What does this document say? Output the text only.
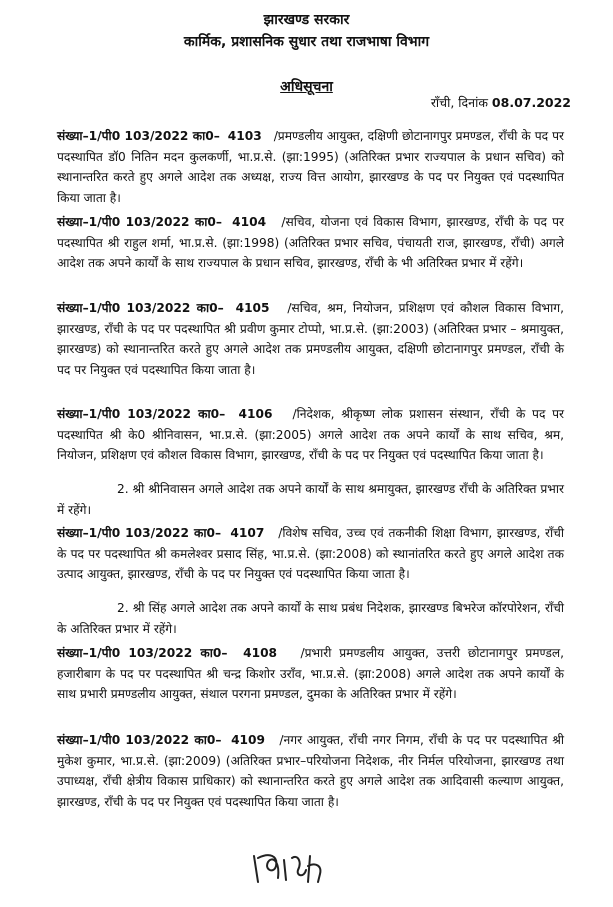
झारखण्ड सरकार
कार्मिक, प्रशासनिक सुधार तथा राजभाषा विभाग
अधिसूचना
राँची, दिनांक 08.07.2022

संख्या–1/पी0 103/2022 का0– 4103 /प्रमण्डलीय आयुक्त, दक्षिणी छोटानागपुर प्रमण्डल, राँची के पद पर पदस्थापित डॉ0 नितिन मदन कुलकर्णी, भा.प्र.से. (झा:1995) (अतिरिक्त प्रभार राज्यपाल के प्रधान सचिव) को स्थानान्तरित करते हुए अगले आदेश तक अध्यक्ष, राज्य वित्त आयोग, झारखण्ड के पद पर नियुक्त एवं पदस्थापित किया जाता है।

संख्या–1/पी0 103/2022 का0– 4104 /सचिव, योजना एवं विकास विभाग, झारखण्ड, राँची के पद पर पदस्थापित श्री राहुल शर्मा, भा.प्र.से. (झा:1998) (अतिरिक्त प्रभार सचिव, पंचायती राज, झारखण्ड, राँची) अगले आदेश तक अपने कार्यों के साथ राज्यपाल के प्रधान सचिव, झारखण्ड, राँची के भी अतिरिक्त प्रभार में रहेंगे।

संख्या–1/पी0 103/2022 का0– 4105 /सचिव, श्रम, नियोजन, प्रशिक्षण एवं कौशल विकास विभाग, झारखण्ड, राँची के पद पर पदस्थापित श्री प्रवीण कुमार टोप्पो, भा.प्र.से. (झा:2003) (अतिरिक्त प्रभार – श्रमायुक्त, झारखण्ड) को स्थानान्तरित करते हुए अगले आदेश तक प्रमण्डलीय आयुक्त, दक्षिणी छोटानागपुर प्रमण्डल, राँची के पद पर नियुक्त एवं पदस्थापित किया जाता है।

संख्या–1/पी0 103/2022 का0– 4106 /निदेशक, श्रीकृष्ण लोक प्रशासन संस्थान, राँची के पद पर पदस्थापित श्री के0 श्रीनिवासन, भा.प्र.से. (झा:2005) अगले आदेश तक अपने कार्यों के साथ सचिव, श्रम, नियोजन, प्रशिक्षण एवं कौशल विकास विभाग, झारखण्ड, राँची के पद पर नियुक्त एवं पदस्थापित किया जाता है।

2. श्री श्रीनिवासन अगले आदेश तक अपने कार्यों के साथ श्रमायुक्त, झारखण्ड राँची के अतिरिक्त प्रभार में रहेंगे।

संख्या–1/पी0 103/2022 का0– 4107 /विशेष सचिव, उच्च एवं तकनीकी शिक्षा विभाग, झारखण्ड, राँची के पद पर पदस्थापित श्री कमलेश्वर प्रसाद सिंह, भा.प्र.से. (झा:2008) को स्थानांतरित करते हुए अगले आदेश तक उत्पाद आयुक्त, झारखण्ड, राँची के पद पर नियुक्त एवं पदस्थापित किया जाता है।

2. श्री सिंह अगले आदेश तक अपने कार्यों के साथ प्रबंध निदेशक, झारखण्ड बिभरेज कॉरपोरेशन, राँची के अतिरिक्त प्रभार में रहेंगे।

संख्या–1/पी0 103/2022 का0– 4108 /प्रभारी प्रमण्डलीय आयुक्त, उत्तरी छोटानागपुर प्रमण्डल, हजारीबाग के पद पर पदस्थापित श्री चन्द्र किशोर उराँव, भा.प्र.से. (झा:2008) अगले आदेश तक अपने कार्यों के साथ प्रभारी प्रमण्डलीय आयुक्त, संथाल परगना प्रमण्डल, दुमका के अतिरिक्त प्रभार में रहेंगे।

संख्या–1/पी0 103/2022 का0– 4109 /नगर आयुक्त, राँची नगर निगम, राँची के पद पर पदस्थापित श्री मुकेश कुमार, भा.प्र.से. (झा:2009) (अतिरिक्त प्रभार–परियोजना निदेशक, नीर निर्मल परियोजना, झारखण्ड तथा उपाध्यक्ष, राँची क्षेत्रीय विकास प्राधिकार) को स्थानान्तरित करते हुए अगले आदेश तक आदिवासी कल्याण आयुक्त, झारखण्ड, राँची के पद पर नियुक्त एवं पदस्थापित किया जाता है।
